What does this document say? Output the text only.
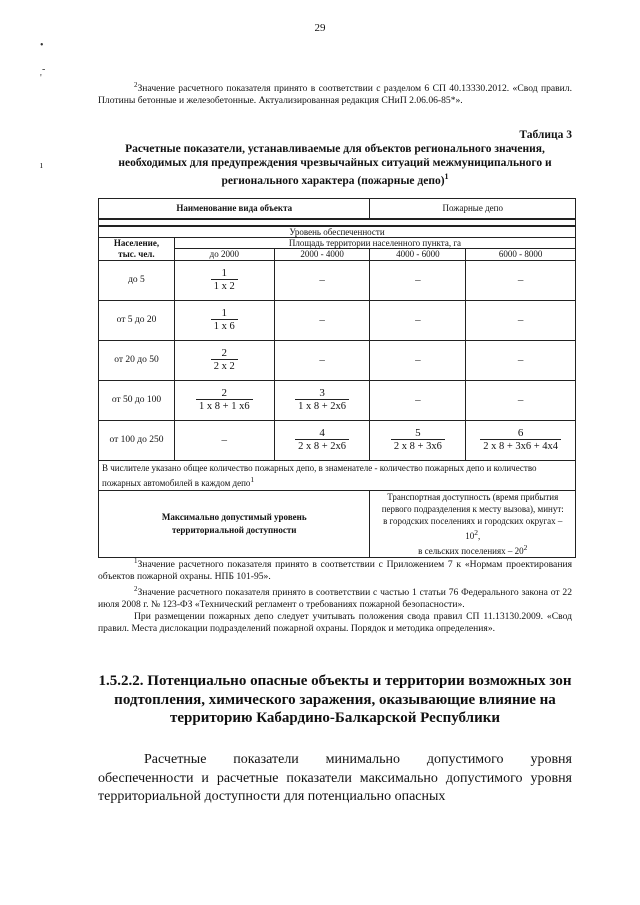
29
•
-
'
ı
$^2$Значение расчетного показателя принято в соответствии с разделом 6 СП 40.13330.2012. «Свод правил. Плотины бетонные и железобетонные. Актуализированная редакция СНиП 2.06.06-85*».
Таблица 3
Расчетные показатели, устанавливаемые для объектов регионального значения, необходимых для предупреждения чрезвычайных ситуаций межмуниципального и регионального характера (пожарные депо)$^1$
Наименование вида объекта			Пожарные депо	

Уровень обеспеченности				
Население,
тыс. чел.	Площадь территории населенного пункта, га			
	до 2000	2000 - 4000	4000 - 6000	6000 - 8000
до 5	$\frac{1}{1 х 2}$	–	–	–
от 5 до 20	$\frac{1}{1 х 6}$	–	–	–
от 20 до 50	$\frac{2}{2 х 2}$	–	–	–
от 50 до 100	$\frac{2}{1 х 8 + 1 х6}$	$\frac{3}{1 х 8 + 2х6}$	–	–
от 100 до 250	–	$\frac{4}{2 х 8 + 2х6}$	$\frac{5}{2 х 8 + 3х6}$	$\frac{6}{2 х 8 + 3х6 + 4х4}$

В числителе указано общее количество пожарных депо, в знаменателе - количество пожарных депо и количество пожарных автомобилей в каждом депо$^1$
Максимально допустимый уровень территориальной доступности			Транспортная доступность (время прибытия первого подразделения к месту вызова), минут:
в городских поселениях и городских округах –
$10^2$,
в сельских поселениях – $20^2$

$^1$Значение расчетного показателя принято в соответствии с Приложением 7 к «Нормам проектирования объектов пожарной охраны. НПБ 101-95».

$^2$Значение расчетного показателя принято в соответствии с частью 1 статьи 76 Федерального закона от 22 июля 2008 г. № 123-ФЗ «Технический регламент о требованиях пожарной безопасности».

При размещении пожарных депо следует учитывать положения свода правил СП 11.13130.2009. «Свод правил. Места дислокации подразделений пожарной охраны. Порядок и методика определения».

1.5.2.2. Потенциально опасные объекты и территории возможных зон подтопления, химического заражения, оказывающие влияние на территорию Кабардино-Балкарской Республики
Расчетные показатели минимально допустимого уровня обеспеченности и расчетные показатели максимально допустимого уровня территориальной доступности для потенциально опасных
